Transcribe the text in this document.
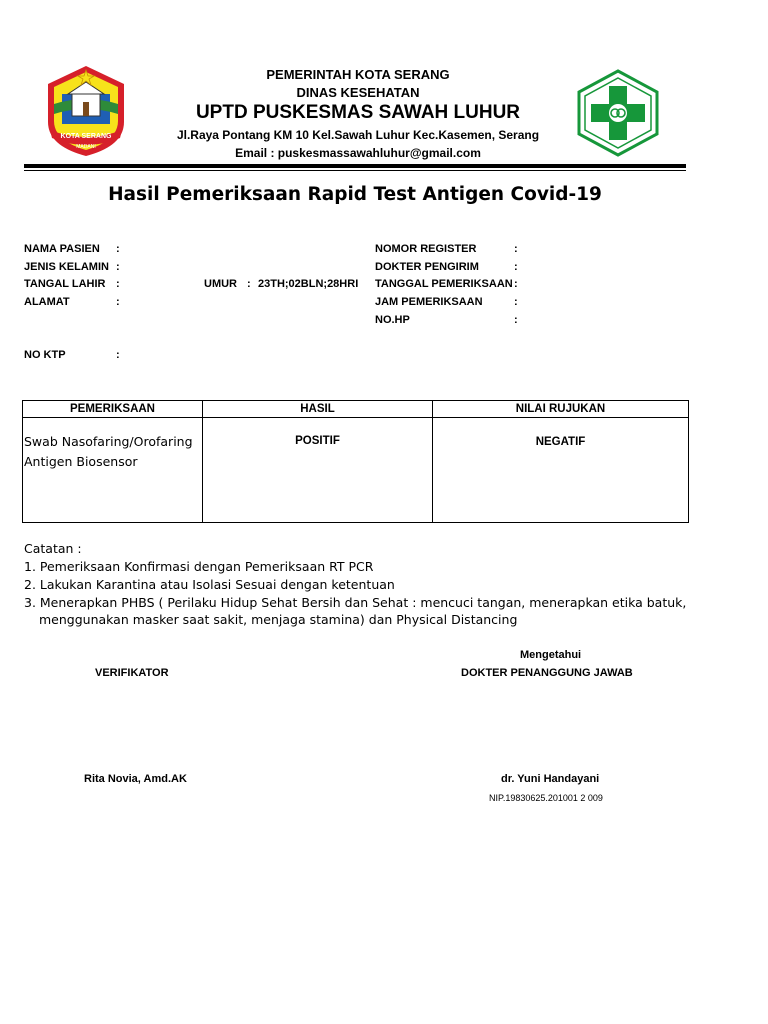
KOTA SERANG
MADANI
PEMERINTAH KOTA SERANG
DINAS KESEHATAN
UPTD PUSKESMAS SAWAH LUHUR
Jl.Raya Pontang KM 10 Kel.Sawah Luhur Kec.Kasemen, Serang
Email : puskesmassawahluhur@gmail.com
Hasil Pemeriksaan Rapid Test Antigen Covid-19
NAMA PASIEN :
JENIS KELAMIN :
TANGAL LAHIR :	UMUR : 23TH;02BLN;28HRI
ALAMAT	:
NO KTP	:
NOMOR REGISTER	:
DOKTER PENGIRIM	:
TANGGAL PEMERIKSAAN :
JAM PEMERIKSAAN	:
NO.HP	:
PEMERIKSAAN	HASIL	NILAI RUJUKAN

Swab Nasofaring/Orofaring
Antigen Biosensor	POSITIF	NEGATIF
Catatan :
1. Pemeriksaan Konfirmasi dengan Pemeriksaan RT PCR
2. Lakukan Karantina atau Isolasi Sesuai dengan ketentuan
3. Menerapkan PHBS ( Perilaku Hidup Sehat Bersih dan Sehat : mencuci tangan, menerapkan etika batuk,
menggunakan masker saat sakit, menjaga stamina) dan Physical Distancing
Mengetahui
VERIFIKATOR	DOKTER PENANGGUNG JAWAB
Rita Novia, Amd.AK	dr. Yuni Handayani
NIP.19830625.201001 2 009
